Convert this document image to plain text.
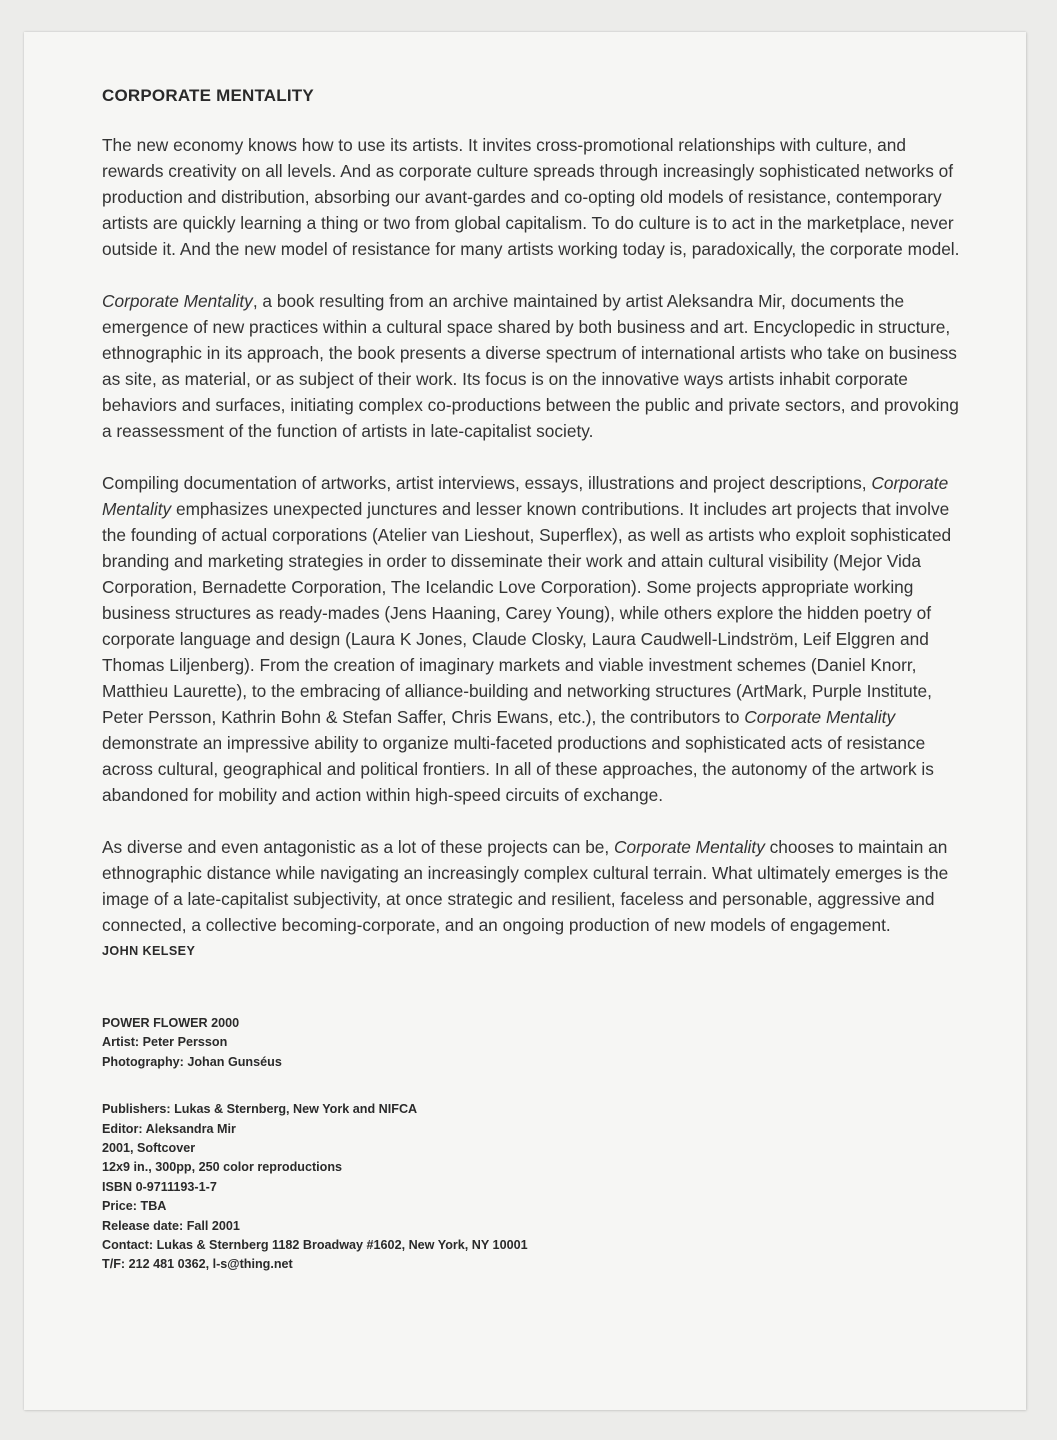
CORPORATE MENTALITY

The new economy knows how to use its artists. It invites cross-promotional relationships with culture, and rewards creativity on all levels. And as corporate culture spreads through increasingly sophisticated networks of production and distribution, absorbing our avant-gardes and co-opting old models of resistance, contemporary artists are quickly learning a thing or two from global capitalism. To do culture is to act in the marketplace, never outside it. And the new model of resistance for many artists working today is, paradoxically, the corporate model.

Corporate Mentality, a book resulting from an archive maintained by artist Aleksandra Mir, documents the emergence of new practices within a cultural space shared by both business and art. Encyclopedic in structure, ethnographic in its approach, the book presents a diverse spectrum of international artists who take on business as site, as material, or as subject of their work. Its focus is on the innovative ways artists inhabit corporate behaviors and surfaces, initiating complex co-productions between the public and private sectors, and provoking a reassessment of the function of artists in late-capitalist society.

Compiling documentation of artworks, artist interviews, essays, illustrations and project descriptions, Corporate Mentality emphasizes unexpected junctures and lesser known contributions. It includes art projects that involve the founding of actual corporations (Atelier van Lieshout, Superflex), as well as artists who exploit sophisticated branding and marketing strategies in order to disseminate their work and attain cultural visibility (Mejor Vida Corporation, Bernadette Corporation, The Icelandic Love Corporation). Some projects appropriate working business structures as ready-mades (Jens Haaning, Carey Young), while others explore the hidden poetry of corporate language and design (Laura K Jones, Claude Closky, Laura Caudwell-Lindström, Leif Elggren and Thomas Liljenberg). From the creation of imaginary markets and viable investment schemes (Daniel Knorr, Matthieu Laurette), to the embracing of alliance-building and networking structures (ArtMark, Purple Institute, Peter Persson, Kathrin Bohn & Stefan Saffer, Chris Ewans, etc.), the contributors to Corporate Mentality demonstrate an impressive ability to organize multi-faceted productions and sophisticated acts of resistance across cultural, geographical and political frontiers. In all of these approaches, the autonomy of the artwork is abandoned for mobility and action within high-speed circuits of exchange.

As diverse and even antagonistic as a lot of these projects can be, Corporate Mentality chooses to maintain an ethnographic distance while navigating an increasingly complex cultural terrain. What ultimately emerges is the image of a late-capitalist subjectivity, at once strategic and resilient, faceless and personable, aggressive and connected, a collective becoming-corporate, and an ongoing production of new models of engagement.

JOHN KELSEY
POWER FLOWER 2000
Artist: Peter Persson
Photography: Johan Gunséus
Publishers: Lukas & Sternberg, New York and NIFCA
Editor: Aleksandra Mir
2001, Softcover
12x9 in., 300pp, 250 color reproductions
ISBN 0-9711193-1-7
Price: TBA
Release date: Fall 2001
Contact: Lukas & Sternberg 1182 Broadway #1602, New York, NY 10001
T/F: 212 481 0362, l-s@thing.net
